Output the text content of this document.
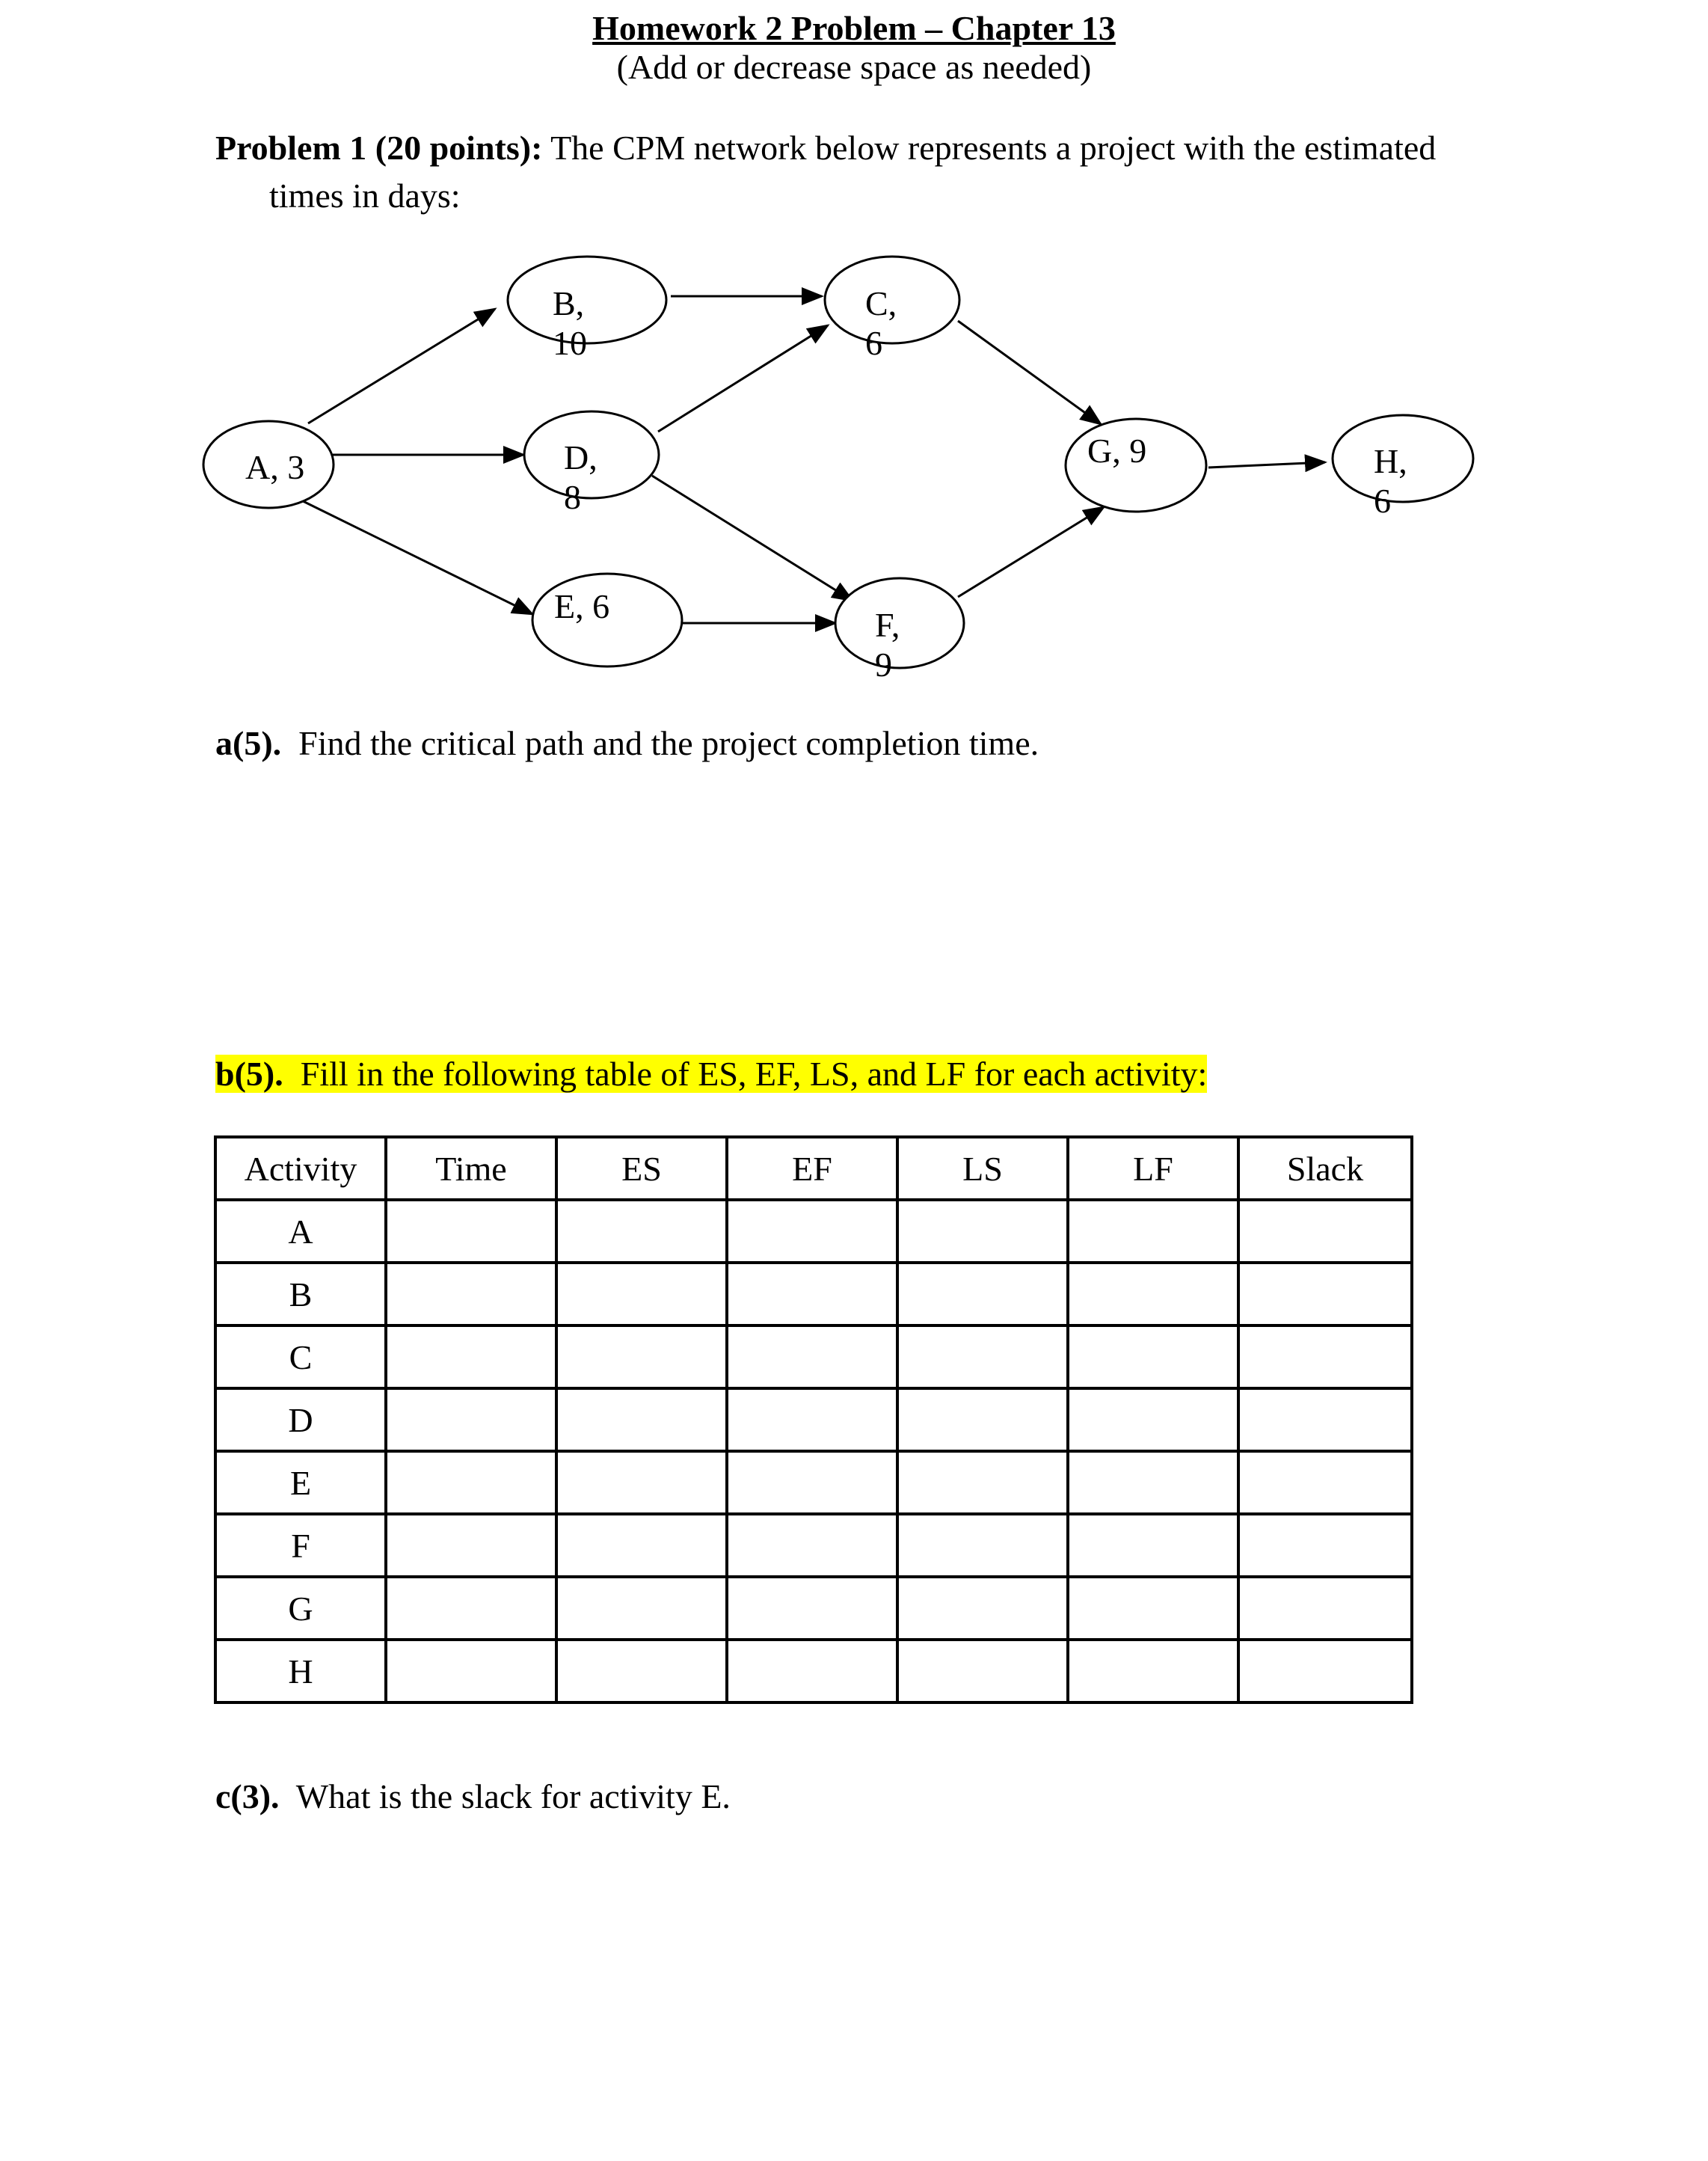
Homework 2 Problem – Chapter 13
(Add or decrease space as needed)
Problem 1 (20 points): The CPM network below represents a project with the estimated
times in days:
A, 3
B,
10
C,
6
D,
8
E, 6	F,
9
G, 9	H,
6
a(5).  Find the critical path and the project completion time.
b(5).  Fill in the following table of ES, EF, LS, and LF for each activity:
Activity	Time	ES	EF	LS	LF	Slack
A						
B						
C						
D						
E						
F						
G						
H						
c(3).  What is the slack for activity E.
